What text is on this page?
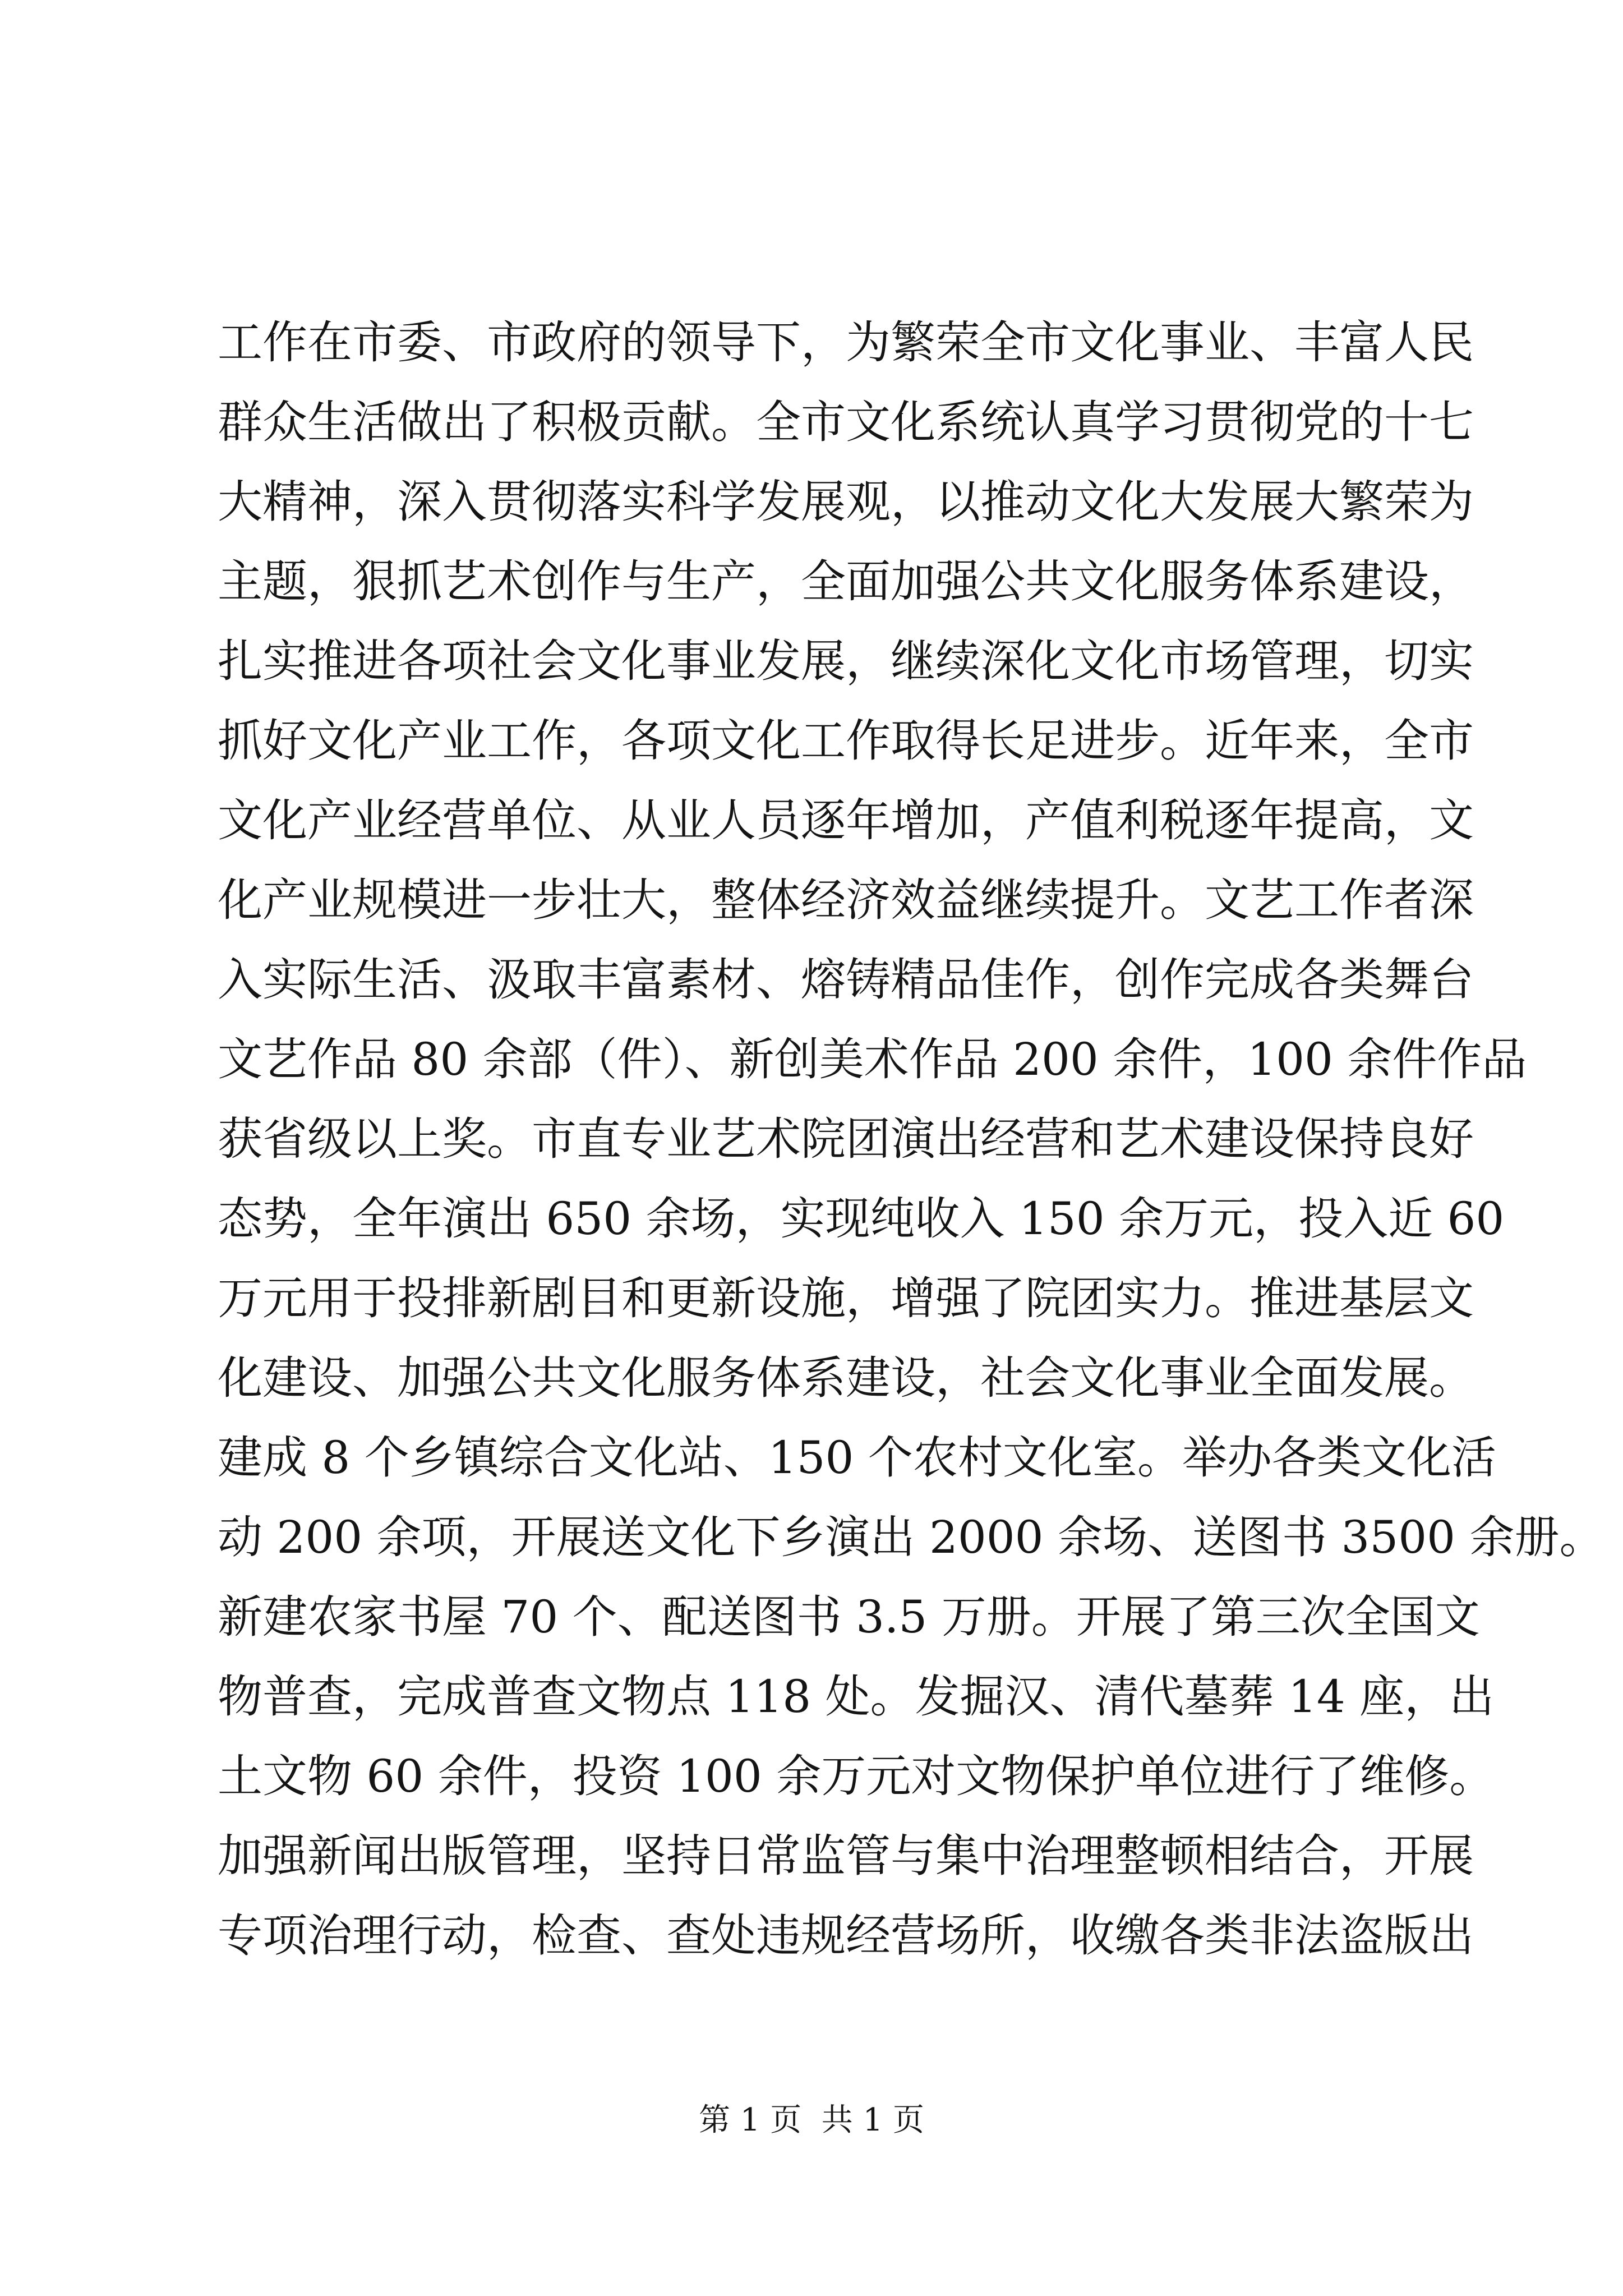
工作在市委、市政府的领导下，为繁荣全市文化事业、丰富人民
群众生活做出了积极贡献。全市文化系统认真学习贯彻党的十七
大精神，深入贯彻落实科学发展观，以推动文化大发展大繁荣为
主题，狠抓艺术创作与生产，全面加强公共文化服务体系建设，
扎实推进各项社会文化事业发展，继续深化文化市场管理，切实
抓好文化产业工作，各项文化工作取得长足进步。近年来，全市
文化产业经营单位、从业人员逐年增加，产值利税逐年提高，文
化产业规模进一步壮大，整体经济效益继续提升。文艺工作者深
入实际生活、汲取丰富素材、熔铸精品佳作，创作完成各类舞台
文艺作品 80 余部（件）、新创美术作品 200 余件，100 余件作品
获省级以上奖。市直专业艺术院团演出经营和艺术建设保持良好
态势，全年演出 650 余场，实现纯收入 150 余万元，投入近 60
万元用于投排新剧目和更新设施，增强了院团实力。推进基层文
化建设、加强公共文化服务体系建设，社会文化事业全面发展。
建成 8 个乡镇综合文化站、150 个农村文化室。举办各类文化活
动 200 余项，开展送文化下乡演出 2000 余场、送图书 3500 余册。
新建农家书屋 70 个、配送图书 3.5 万册。开展了第三次全国文
物普查，完成普查文物点 118 处。发掘汉、清代墓葬 14 座，出
土文物 60 余件，投资 100 余万元对文物保护单位进行了维修。
加强新闻出版管理，坚持日常监管与集中治理整顿相结合，开展
专项治理行动，检查、查处违规经营场所，收缴各类非法盗版出
第 1 页  共 1 页
